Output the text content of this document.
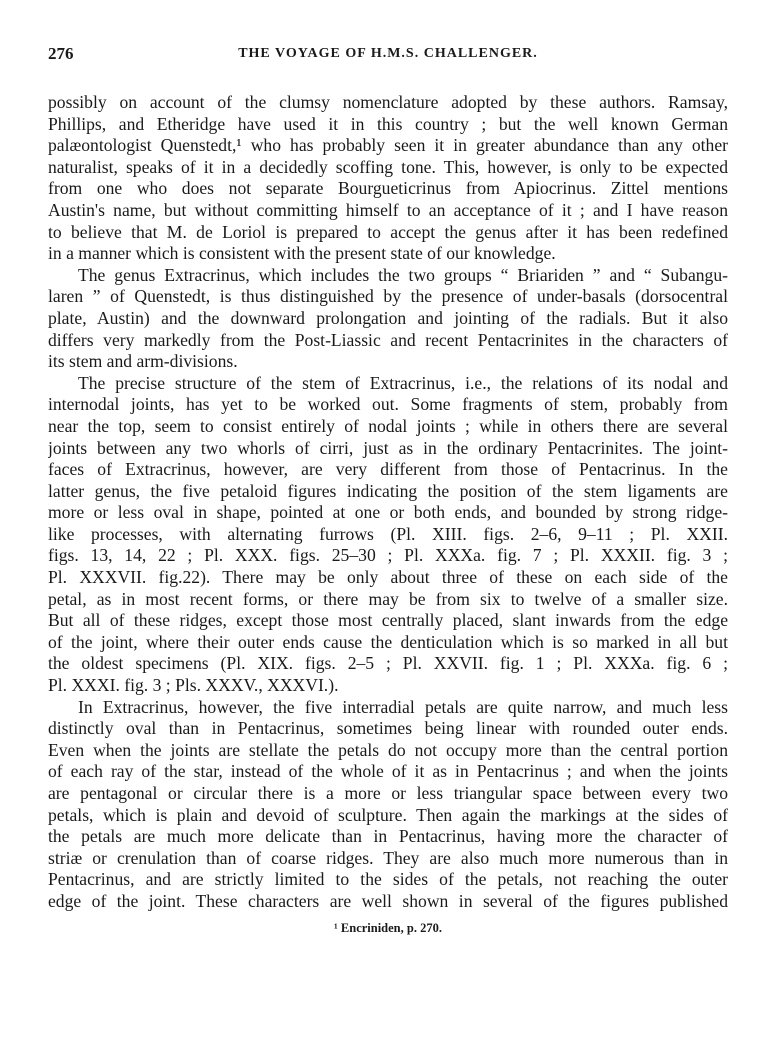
276	THE VOYAGE OF H.M.S. CHALLENGER.

possibly on account of the clumsy nomenclature adopted by these authors. Ramsay,
Phillips, and Etheridge have used it in this country ; but the well known German
palæontologist Quenstedt,¹ who has probably seen it in greater abundance than any other
naturalist, speaks of it in a decidedly scoffing tone. This, however, is only to be expected
from one who does not separate Bourgueticrinus from Apiocrinus. Zittel mentions
Austin's name, but without committing himself to an acceptance of it ; and I have reason
to believe that M. de Loriol is prepared to accept the genus after it has been redefined
in a manner which is consistent with the present state of our knowledge.

The genus Extracrinus, which includes the two groups “ Briariden ” and “ Subangu-
laren ” of Quenstedt, is thus distinguished by the presence of under-basals (dorsocentral
plate, Austin) and the downward prolongation and jointing of the radials. But it also
differs very markedly from the Post-Liassic and recent Pentacrinites in the characters of
its stem and arm-divisions.

The precise structure of the stem of Extracrinus, i.e., the relations of its nodal and
internodal joints, has yet to be worked out. Some fragments of stem, probably from
near the top, seem to consist entirely of nodal joints ; while in others there are several
joints between any two whorls of cirri, just as in the ordinary Pentacrinites. The joint-
faces of Extracrinus, however, are very different from those of Pentacrinus. In the
latter genus, the five petaloid figures indicating the position of the stem ligaments are
more or less oval in shape, pointed at one or both ends, and bounded by strong ridge-
like processes, with alternating furrows (Pl. XIII. figs. 2–6, 9–11 ; Pl. XXII.
figs. 13, 14, 22 ; Pl. XXX. figs. 25–30 ; Pl. XXXa. fig. 7 ; Pl. XXXII. fig. 3 ;
Pl. XXXVII. fig.22). There may be only about three of these on each side of the
petal, as in most recent forms, or there may be from six to twelve of a smaller size.
But all of these ridges, except those most centrally placed, slant inwards from the edge
of the joint, where their outer ends cause the denticulation which is so marked in all but
the oldest specimens (Pl. XIX. figs. 2–5 ; Pl. XXVII. fig. 1 ; Pl. XXXa. fig. 6 ;
Pl. XXXI. fig. 3 ; Pls. XXXV., XXXVI.).

In Extracrinus, however, the five interradial petals are quite narrow, and much less
distinctly oval than in Pentacrinus, sometimes being linear with rounded outer ends.
Even when the joints are stellate the petals do not occupy more than the central portion
of each ray of the star, instead of the whole of it as in Pentacrinus ; and when the joints
are pentagonal or circular there is a more or less triangular space between every two
petals, which is plain and devoid of sculpture. Then again the markings at the sides of
the petals are much more delicate than in Pentacrinus, having more the character of
striæ or crenulation than of coarse ridges. They are also much more numerous than in
Pentacrinus, and are strictly limited to the sides of the petals, not reaching the outer
edge of the joint. These characters are well shown in several of the figures published

¹ Encriniden, p. 270.
